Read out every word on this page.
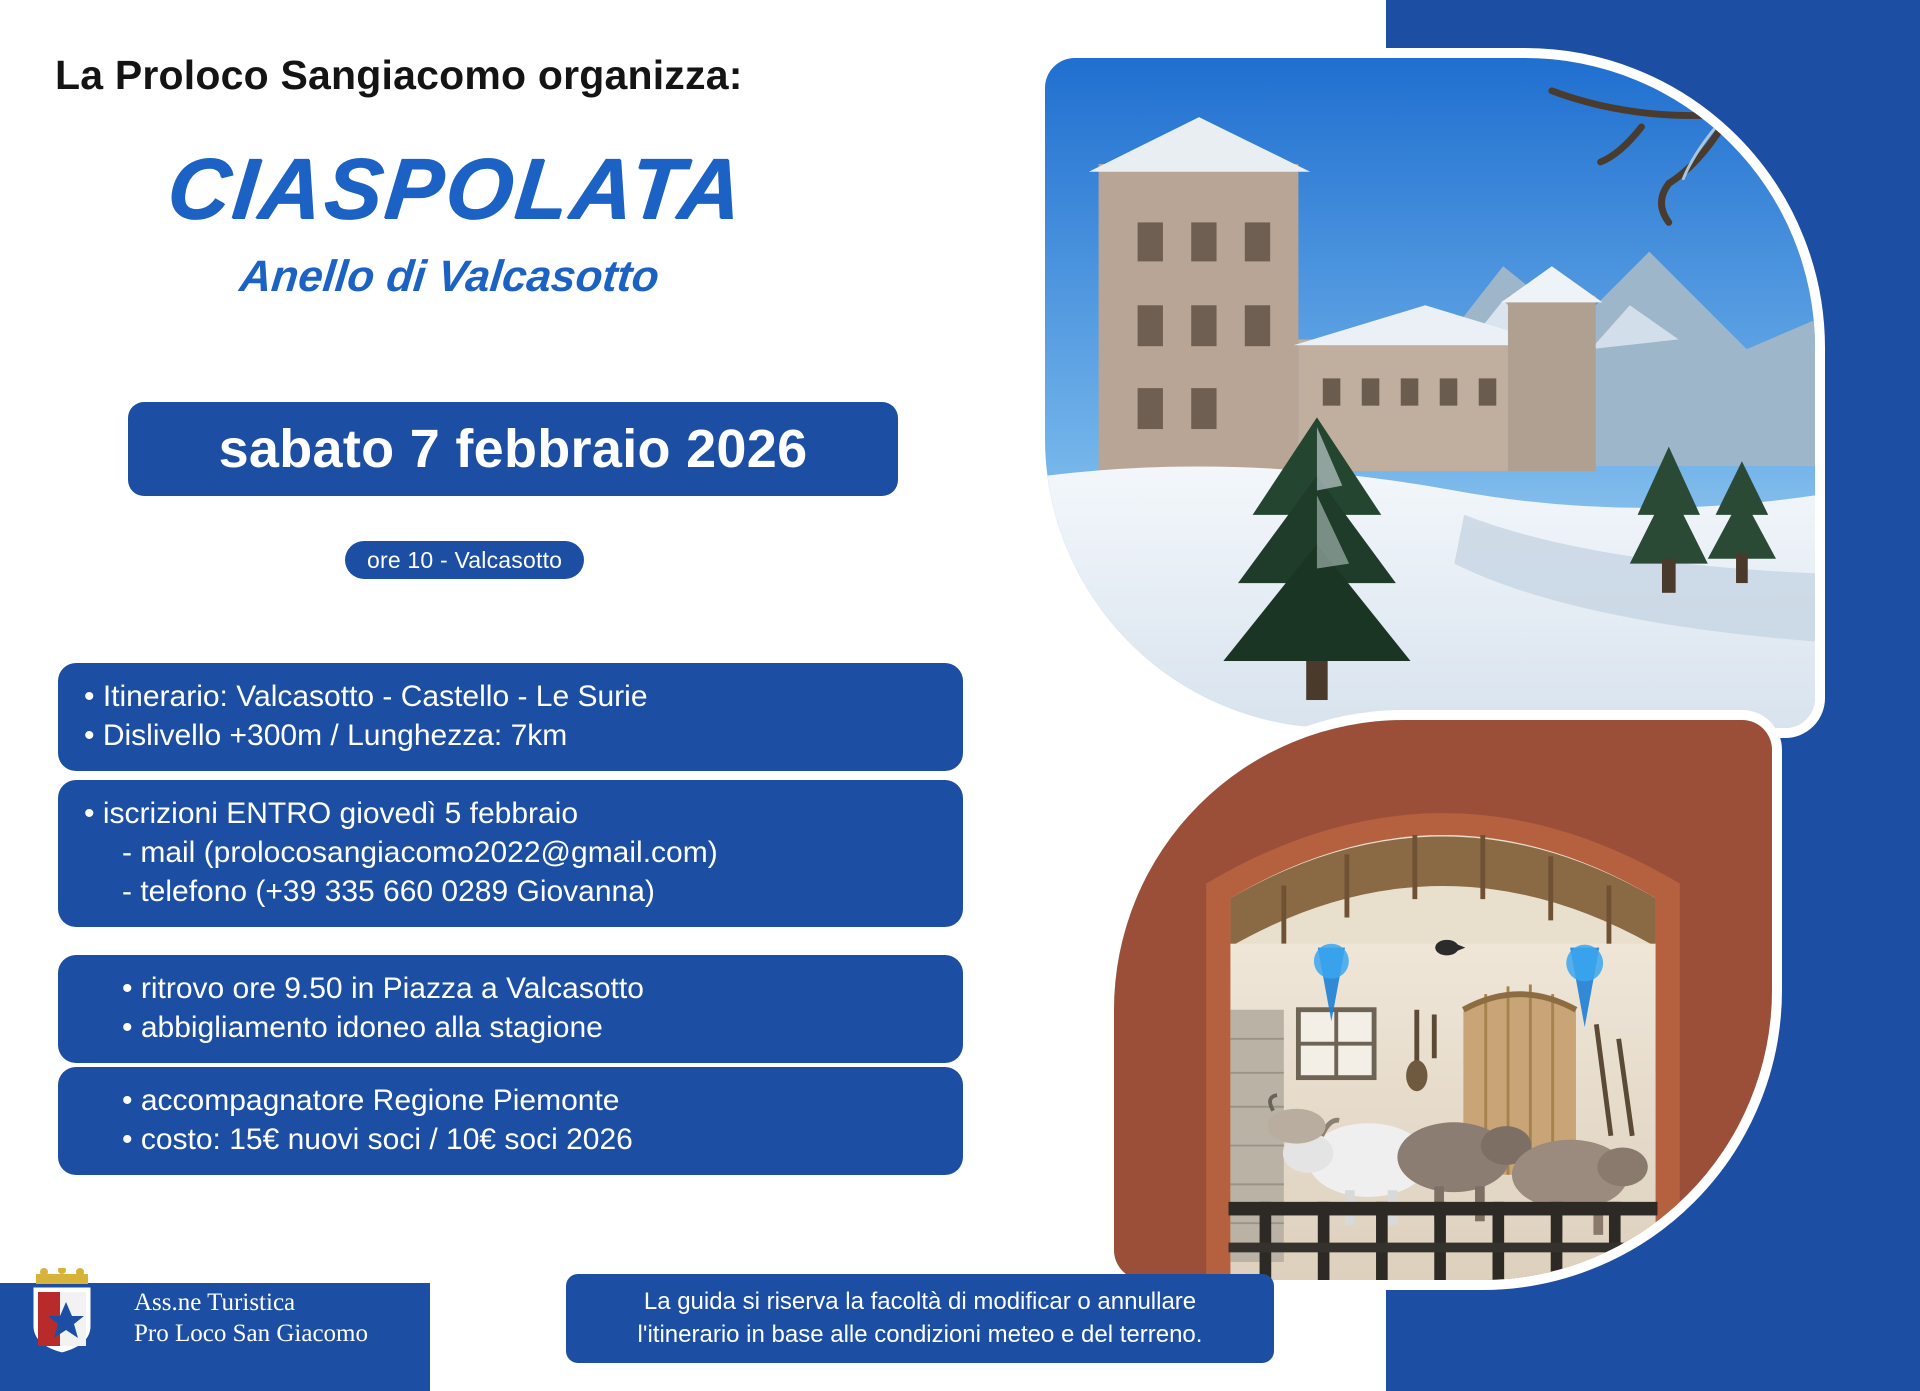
La Proloco Sangiacomo organizza:
CIASPOLATA
Anello di Valcasotto
sabato 7 febbraio 2026
ore 10 - Valcasotto
• Itinerario: Valcasotto - Castello - Le Surie
• Dislivello +300m / Lunghezza: 7km
• iscrizioni ENTRO giovedì 5 febbraio
- mail (prolocosangiacomo2022@gmail.com)
- telefono (+39 335 660 0289 Giovanna)
• ritrovo ore 9.50 in Piazza a Valcasotto
• abbigliamento idoneo alla stagione
• accompagnatore Regione Piemonte
• costo: 15€ nuovi soci / 10€ soci 2026
Ass.ne Turistica
Pro Loco San Giacomo
La guida si riserva la facoltà di modificar o annullare
l'itinerario in base alle condizioni meteo e del terreno.
